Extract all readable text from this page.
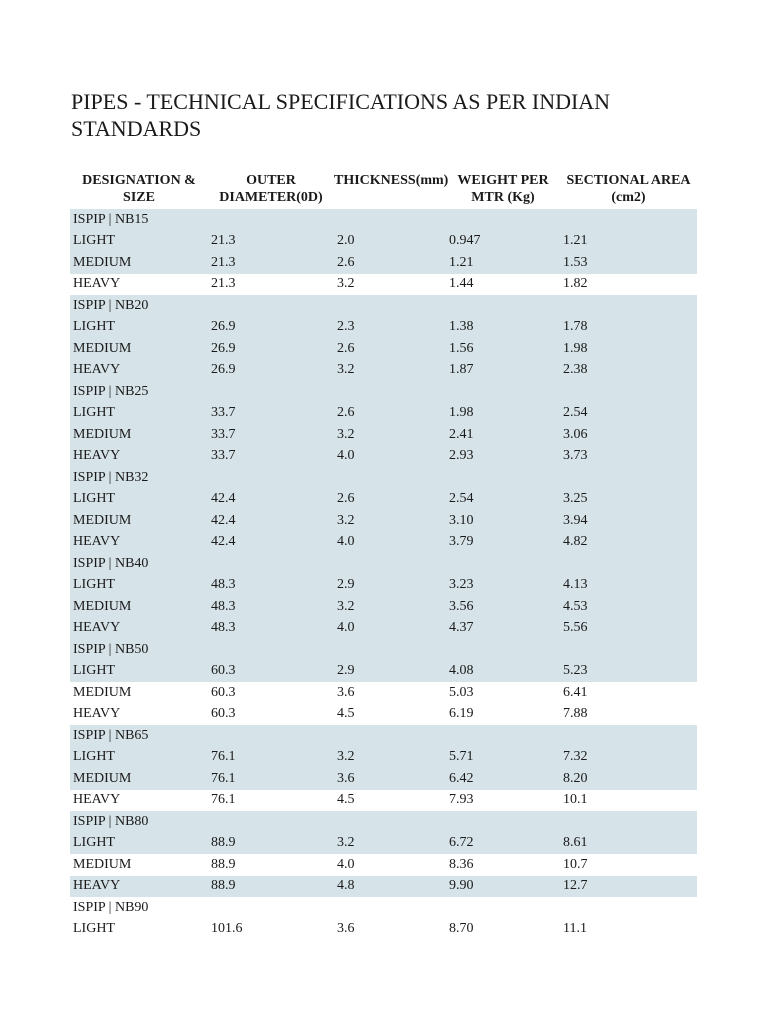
PIPES - TECHNICAL SPECIFICATIONS AS PER INDIAN STANDARDS
DESIGNATION & SIZE	OUTER DIAMETER(0D)	THICKNESS(mm)	WEIGHT PER MTR (Kg)	SECTIONAL AREA (cm2)
ISPIP | NB15				
LIGHT	21.3	2.0	0.947	1.21
MEDIUM	21.3	2.6	1.21	1.53
HEAVY	21.3	3.2	1.44	1.82
ISPIP | NB20				
LIGHT	26.9	2.3	1.38	1.78
MEDIUM	26.9	2.6	1.56	1.98
HEAVY	26.9	3.2	1.87	2.38
ISPIP | NB25				
LIGHT	33.7	2.6	1.98	2.54
MEDIUM	33.7	3.2	2.41	3.06
HEAVY	33.7	4.0	2.93	3.73
ISPIP | NB32				
LIGHT	42.4	2.6	2.54	3.25
MEDIUM	42.4	3.2	3.10	3.94
HEAVY	42.4	4.0	3.79	4.82
ISPIP | NB40				
LIGHT	48.3	2.9	3.23	4.13
MEDIUM	48.3	3.2	3.56	4.53
HEAVY	48.3	4.0	4.37	5.56
ISPIP | NB50				
LIGHT	60.3	2.9	4.08	5.23
MEDIUM	60.3	3.6	5.03	6.41
HEAVY	60.3	4.5	6.19	7.88
ISPIP | NB65				
LIGHT	76.1	3.2	5.71	7.32
MEDIUM	76.1	3.6	6.42	8.20
HEAVY	76.1	4.5	7.93	10.1
ISPIP | NB80				
LIGHT	88.9	3.2	6.72	8.61
MEDIUM	88.9	4.0	8.36	10.7
HEAVY	88.9	4.8	9.90	12.7
ISPIP | NB90				
LIGHT	101.6	3.6	8.70	11.1
